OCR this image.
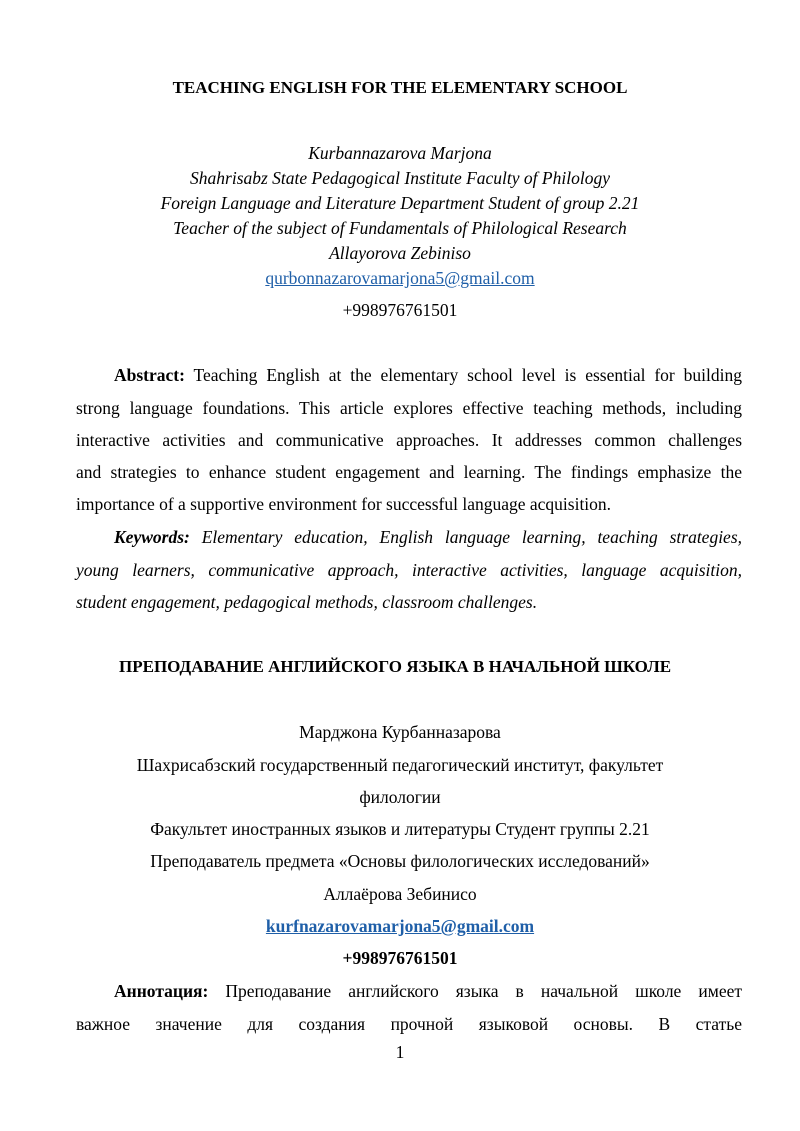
TEACHING ENGLISH FOR THE ELEMENTARY SCHOOL
Kurbannazarova Marjona
Shahrisabz State Pedagogical Institute Faculty of Philology
Foreign Language and Literature Department Student of group 2.21
Teacher of the subject of Fundamentals of Philological Research
Allayorova Zebiniso
qurbonnazarovamarjona5@gmail.com
+998976761501
Abstract: Teaching English at the elementary school level is essential for building
strong language foundations. This article explores effective teaching methods, including
interactive activities and communicative approaches. It addresses common challenges
and strategies to enhance student engagement and learning. The findings emphasize the
importance of a supportive environment for successful language acquisition.
Keywords: Elementary education, English language learning, teaching strategies,
young learners, communicative approach, interactive activities, language acquisition,
student engagement, pedagogical methods, classroom challenges.
ПРЕПОДАВАНИЕ АНГЛИЙСКОГО ЯЗЫКА В НАЧАЛЬНОЙ ШКОЛЕ
Марджона Курбанназарова
Шахрисабзский государственный педагогический институт, факультет
филологии
Факультет иностранных языков и литературы Студент группы 2.21
Преподаватель предмета «Основы филологических исследований»
Аллаёрова Зебинисо
kurfnazarovamarjona5@gmail.com
+998976761501
Аннотация: Преподавание английского языка в начальной школе имеет
важное значение для создания прочной языковой основы. В статье
1
